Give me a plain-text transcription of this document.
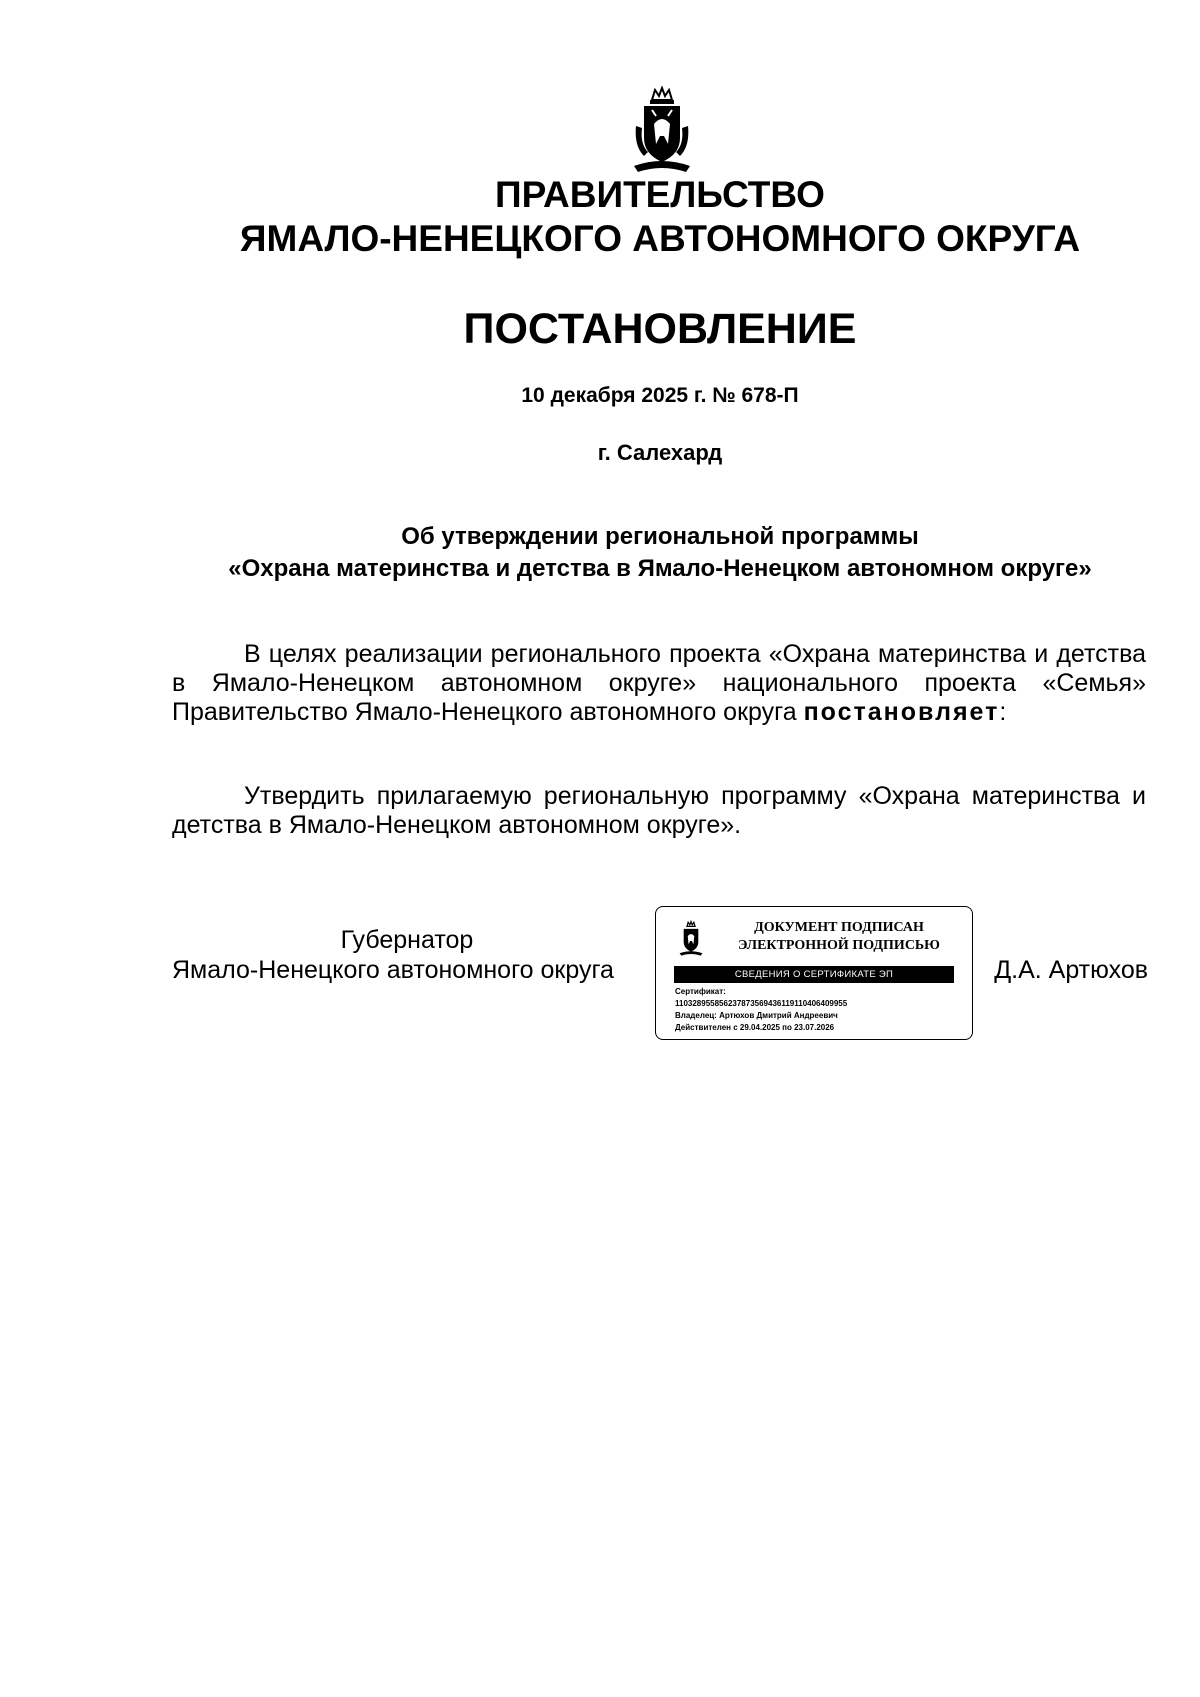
ПРАВИТЕЛЬСТВО
ЯМАЛО-НЕНЕЦКОГО АВТОНОМНОГО ОКРУГА
ПОСТАНОВЛЕНИЕ
10 декабря 2025 г. № 678-П
г. Салехард
Об утверждении региональной программы
«Охрана материнства и детства в Ямало-Ненецком автономном округе»
В целях реализации регионального проекта «Охрана материнства и детства в Ямало-Ненецком автономном округе» национального проекта «Семья» Правительство Ямало-Ненецкого автономного округа постановляет:
Утвердить прилагаемую региональную программу «Охрана материнства и детства в Ямало-Ненецком автономном округе».
Губернатор
Ямало-Ненецкого автономного округа
ДОКУМЕНТ ПОДПИСАН
ЭЛЕКТРОННОЙ ПОДПИСЬЮ
СВЕДЕНИЯ О СЕРТИФИКАТЕ ЭП
Сертификат:
110328955856237873569436119110406409955
Владелец: Артюхов Дмитрий Андреевич
Действителен с 29.04.2025 по 23.07.2026
Д.А. Артюхов
